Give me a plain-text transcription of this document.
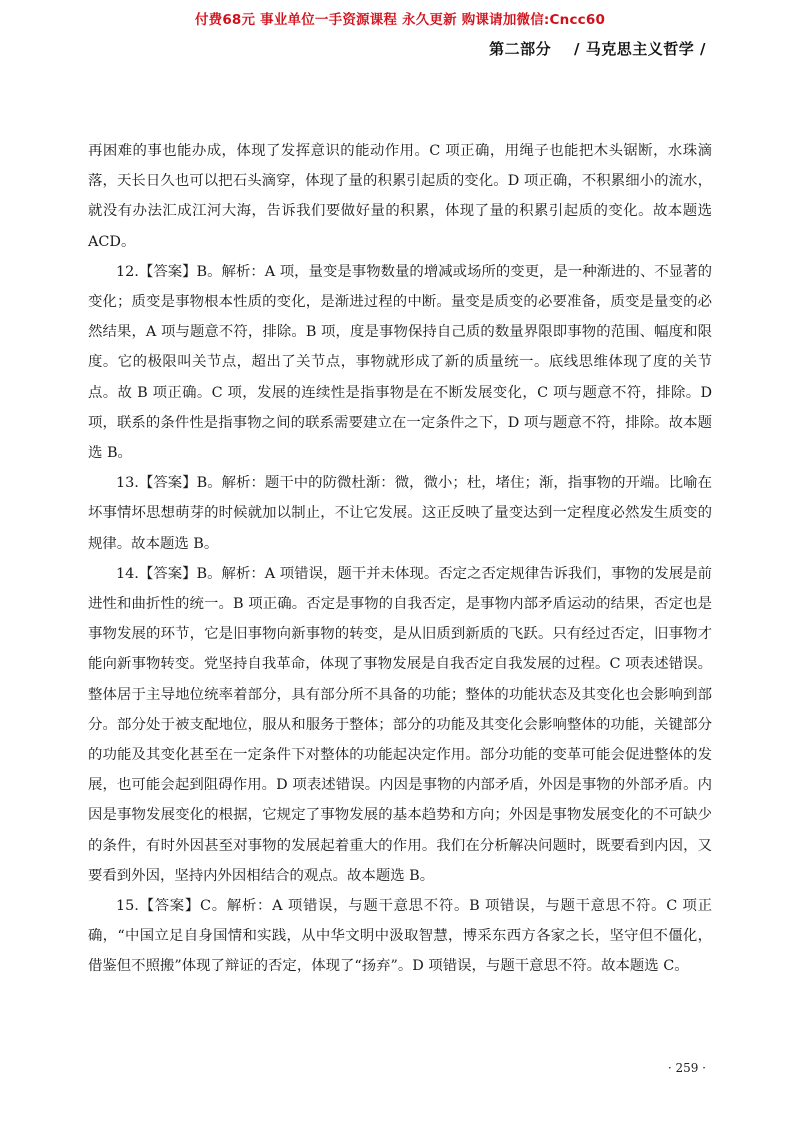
付费68元 事业单位一手资源课程 永久更新 购课请加微信:Cncc60
第二部分 / 马克思主义哲学 /

再困难的事也能办成，体现了发挥意识的能动作用。C 项正确，用绳子也能把木头锯断，水珠滴落，天长日久也可以把石头滴穿，体现了量的积累引起质的变化。D 项正确，不积累细小的流水，就没有办法汇成江河大海，告诉我们要做好量的积累，体现了量的积累引起质的变化。故本题选 ACD。

12.【答案】B。解析：A 项，量变是事物数量的增减或场所的变更，是一种渐进的、不显著的变化；质变是事物根本性质的变化，是渐进过程的中断。量变是质变的必要准备，质变是量变的必然结果，A 项与题意不符，排除。B 项，度是事物保持自己质的数量界限即事物的范围、幅度和限度。它的极限叫关节点，超出了关节点，事物就形成了新的质量统一。底线思维体现了度的关节点。故 B 项正确。C 项，发展的连续性是指事物是在不断发展变化，C 项与题意不符，排除。D 项，联系的条件性是指事物之间的联系需要建立在一定条件之下，D 项与题意不符，排除。故本题选 B。

13.【答案】B。解析：题干中的防微杜渐：微，微小；杜，堵住；渐，指事物的开端。比喻在坏事情坏思想萌芽的时候就加以制止，不让它发展。这正反映了量变达到一定程度必然发生质变的规律。故本题选 B。

14.【答案】B。解析：A 项错误，题干并未体现。否定之否定规律告诉我们，事物的发展是前进性和曲折性的统一。B 项正确。否定是事物的自我否定，是事物内部矛盾运动的结果，否定也是事物发展的环节，它是旧事物向新事物的转变，是从旧质到新质的飞跃。只有经过否定，旧事物才能向新事物转变。党坚持自我革命，体现了事物发展是自我否定自我发展的过程。C 项表述错误。整体居于主导地位统率着部分，具有部分所不具备的功能；整体的功能状态及其变化也会影响到部分。部分处于被支配地位，服从和服务于整体；部分的功能及其变化会影响整体的功能，关键部分的功能及其变化甚至在一定条件下对整体的功能起决定作用。部分功能的变革可能会促进整体的发展，也可能会起到阻碍作用。D 项表述错误。内因是事物的内部矛盾，外因是事物的外部矛盾。内因是事物发展变化的根据，它规定了事物发展的基本趋势和方向；外因是事物发展变化的不可缺少的条件，有时外因甚至对事物的发展起着重大的作用。我们在分析解决问题时，既要看到内因，又要看到外因，坚持内外因相结合的观点。故本题选 B。

15.【答案】C。解析：A 项错误，与题干意思不符。B 项错误，与题干意思不符。C 项正确，“中国立足自身国情和实践，从中华文明中汲取智慧，博采东西方各家之长，坚守但不僵化，借鉴但不照搬”体现了辩证的否定，体现了“扬弃”。D 项错误，与题干意思不符。故本题选 C。

· 259 ·
